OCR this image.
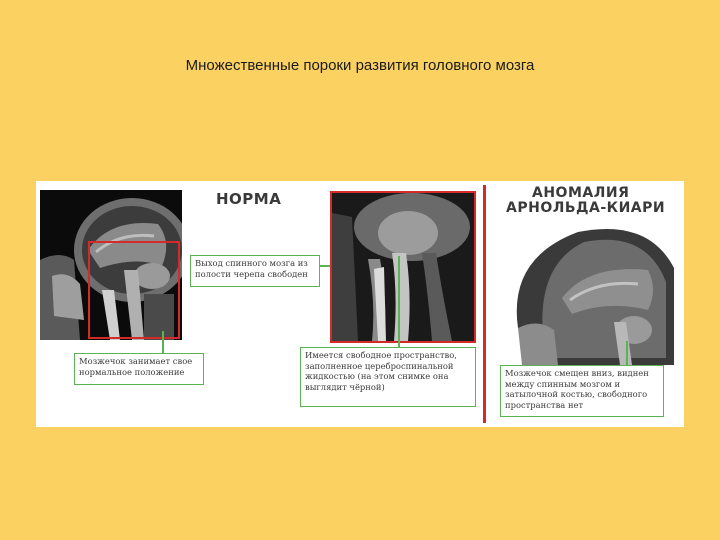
Множественные пороки развития головного мозга
НОРМА	АНОМАЛИЯ
АРНОЛЬДА-КИАРИ
Выход спинного мозга из полости черепа свободен
Мозжечок занимает свое нормальное положение
Имеется свободное пространство, заполненное цереброспинальной жидкостью (на этом снимке она выглядит чёрной)
Мозжечок смещен вниз, виднен между спинным мозгом и затылочной костью, свободного пространства нет
